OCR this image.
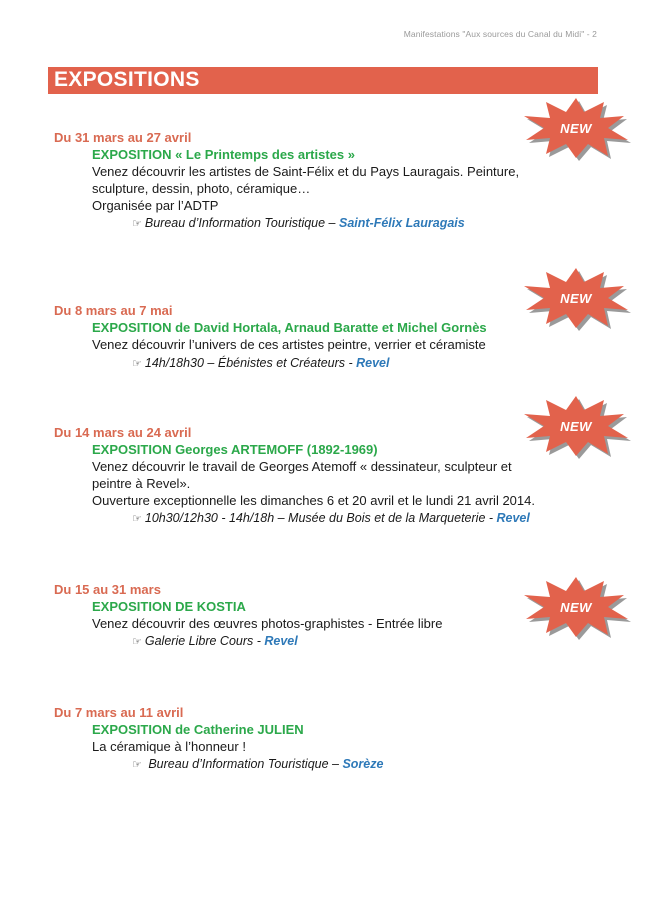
Manifestations "Aux sources du Canal du Midi" - 2
EXPOSITIONS
Du 31 mars au 27 avril
EXPOSITION « Le Printemps des artistes »
Venez découvrir les artistes de Saint-Félix et du Pays Lauragais. Peinture,
sculpture, dessin, photo, céramique…
Organisée par l’ADTP
☞ Bureau d’Information Touristique – Saint-Félix Lauragais
Du 8 mars au 7 mai
EXPOSITION de David Hortala, Arnaud Baratte et Michel Gornès
Venez découvrir l’univers de ces artistes peintre, verrier et céramiste
☞ 14h/18h30 – Ébénistes et Créateurs - Revel
Du 14 mars au 24 avril
EXPOSITION Georges ARTEMOFF (1892-1969)
Venez découvrir le travail de Georges Atemoff « dessinateur, sculpteur et
peintre à Revel».
Ouverture exceptionnelle les dimanches 6 et 20 avril et le lundi 21 avril 2014.
☞ 10h30/12h30 - 14h/18h – Musée du Bois et de la Marqueterie - Revel
Du 15 au 31 mars
EXPOSITION DE KOSTIA
Venez découvrir des œuvres photos-graphistes - Entrée libre
☞ Galerie Libre Cours - Revel
Du 7 mars au 11 avril
EXPOSITION de Catherine JULIEN
La céramique à l’honneur !
☞ Bureau d’Information Touristique – Sorèze
NEW
NEW
NEW
NEW
